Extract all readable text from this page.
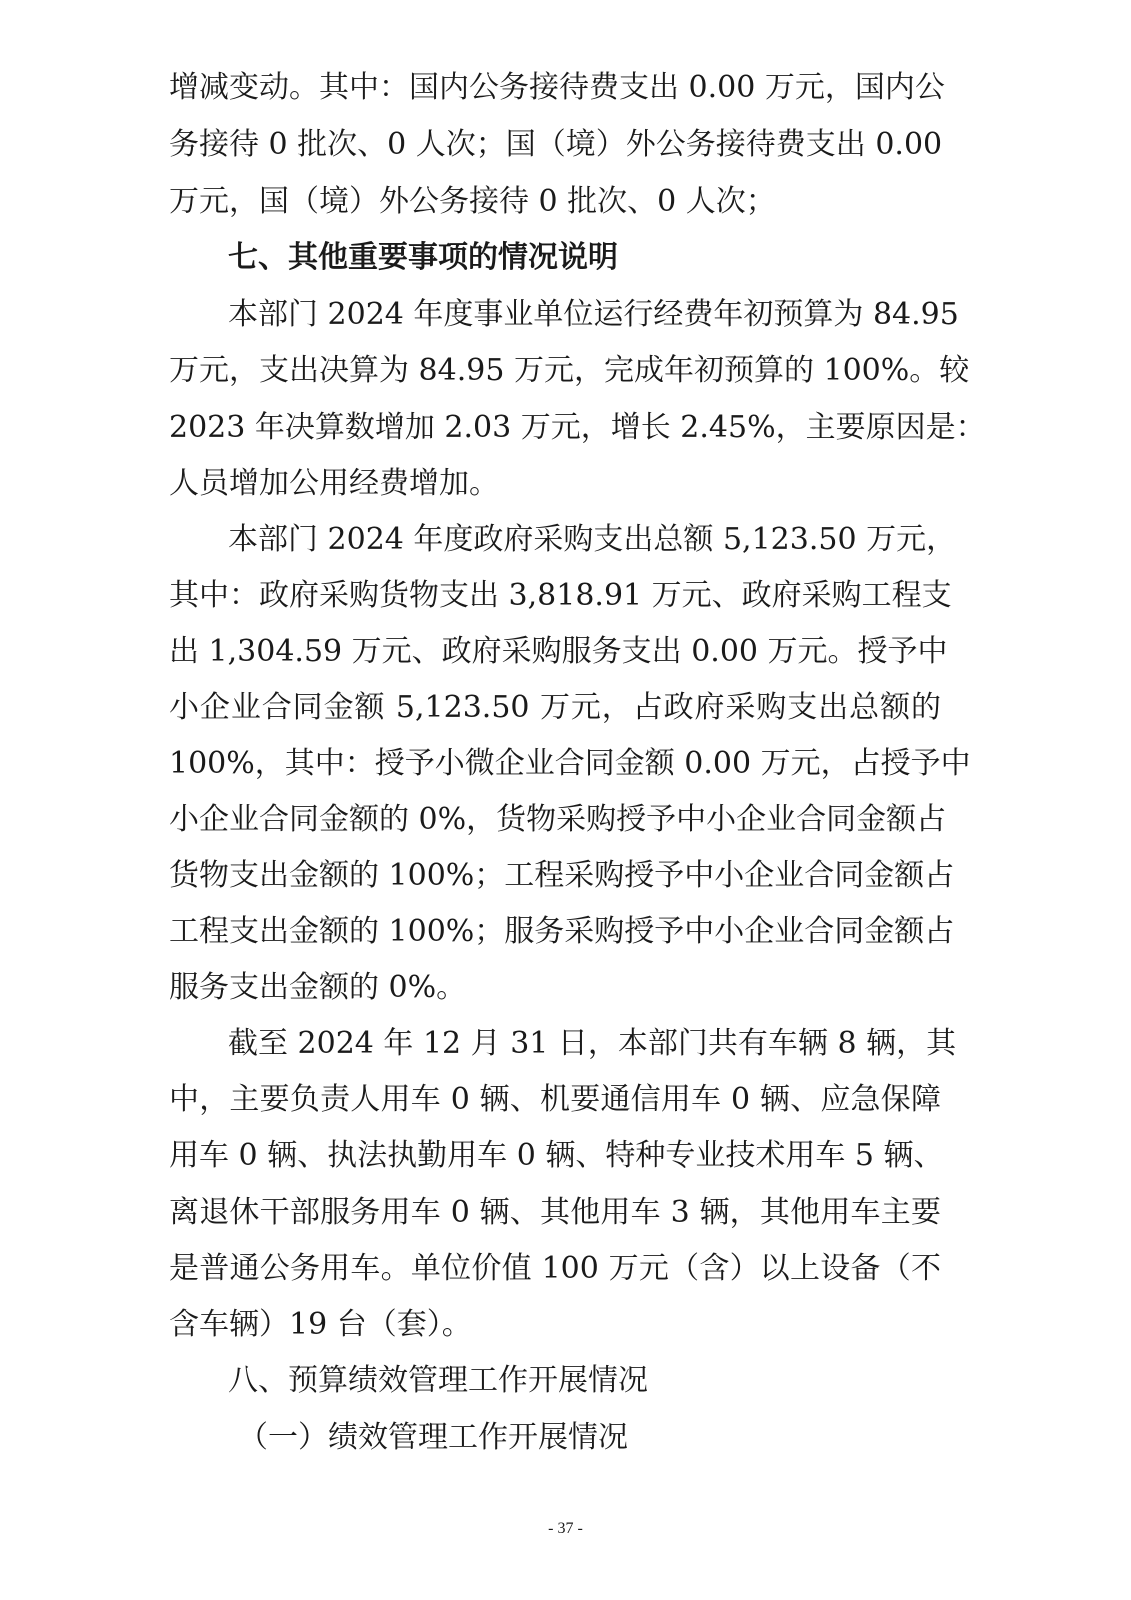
增减变动。其中：国内公务接待费支出 0.00 万元，国内公
务接待 0 批次、0 人次；国（境）外公务接待费支出 0.00
万元，国（境）外公务接待 0 批次、0 人次；
七、其他重要事项的情况说明
本部门 2024 年度事业单位运行经费年初预算为 84.95
万元，支出决算为 84.95 万元，完成年初预算的 100%。较
2023 年决算数增加 2.03 万元，增长 2.45%，主要原因是：
人员增加公用经费增加。
本部门 2024 年度政府采购支出总额 5,123.50 万元，
其中：政府采购货物支出 3,818.91 万元、政府采购工程支
出 1,304.59 万元、政府采购服务支出 0.00 万元。授予中
小企业合同金额 5,123.50 万元，占政府采购支出总额的
100%，其中：授予小微企业合同金额 0.00 万元，占授予中
小企业合同金额的 0%，货物采购授予中小企业合同金额占
货物支出金额的 100%；工程采购授予中小企业合同金额占
工程支出金额的 100%；服务采购授予中小企业合同金额占
服务支出金额的 0%。
截至 2024 年 12 月 31 日，本部门共有车辆 8 辆，其
中，主要负责人用车 0 辆、机要通信用车 0 辆、应急保障
用车 0 辆、执法执勤用车 0 辆、特种专业技术用车 5 辆、
离退休干部服务用车 0 辆、其他用车 3 辆，其他用车主要
是普通公务用车。单位价值 100 万元（含）以上设备（不
含车辆）19 台（套）。
八、预算绩效管理工作开展情况
（一）绩效管理工作开展情况
- 37 -
